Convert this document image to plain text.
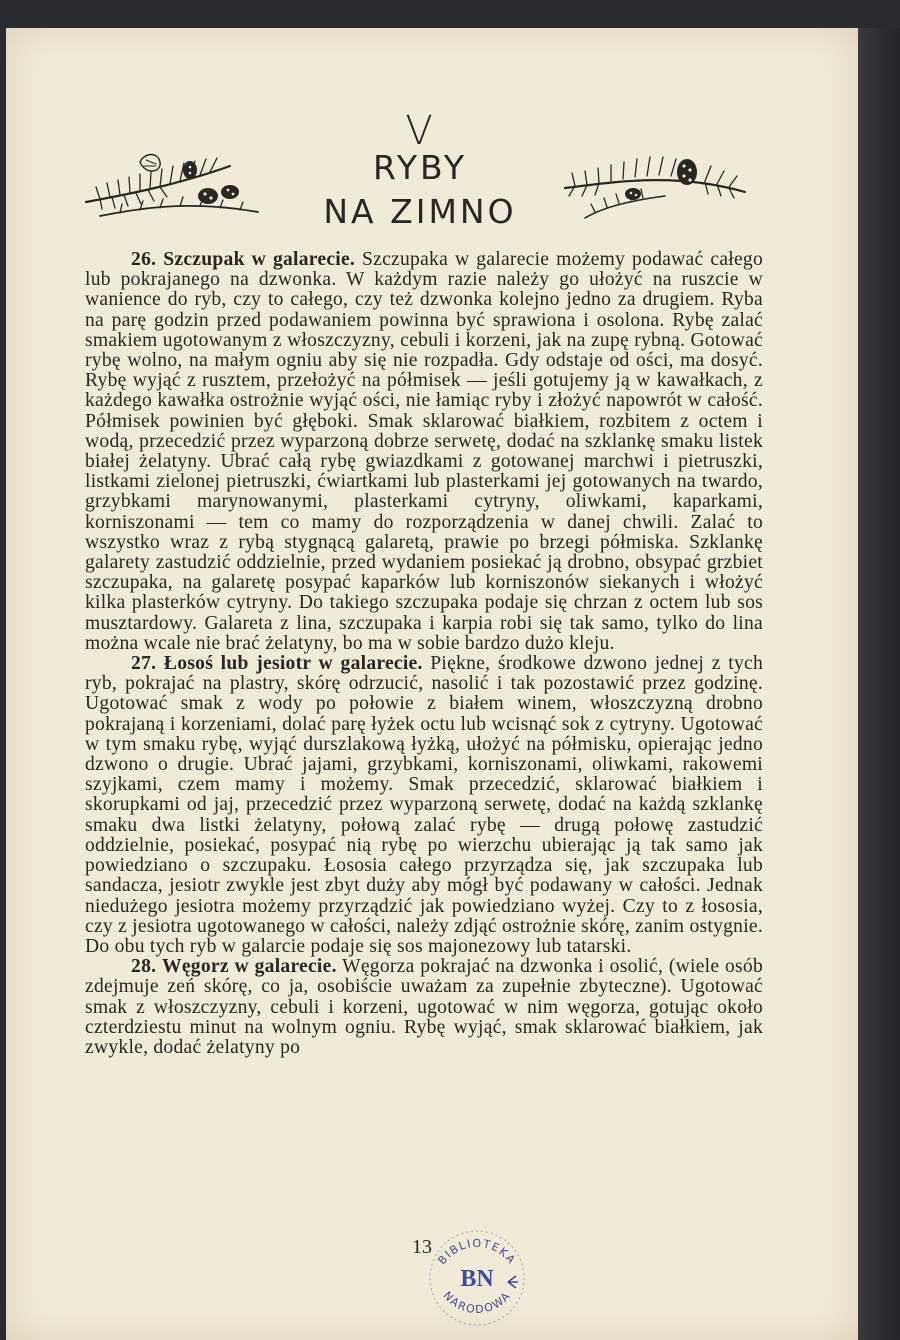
V
RYBY
NA ZIMNO

26. Szczupak w galarecie. Szczupaka w galarecie możemy podawać całego lub pokrajanego na dzwonka. W każdym razie należy go ułożyć na ruszcie w wanience do ryb, czy to całego, czy też dzwonka kolejno jedno za drugiem. Ryba na parę godzin przed podawaniem powinna być sprawiona i osolona. Rybę zalać smakiem ugotowanym z włoszczyzny, cebuli i korzeni, jak na zupę rybną. Gotować rybę wolno, na małym ogniu aby się nie rozpadła. Gdy odstaje od ości, ma dosyć. Rybę wyjąć z rusztem, przełożyć na półmisek — jeśli gotujemy ją w kawałkach, z każdego kawałka ostrożnie wyjąć ości, nie łamiąc ryby i złożyć napowrót w całość. Półmisek powinien być głęboki. Smak sklarować białkiem, rozbitem z octem i wodą, przecedzić przez wyparzoną dobrze serwetę, dodać na szklankę smaku listek białej żelatyny. Ubrać całą rybę gwiazdkami z gotowanej marchwi i pietruszki, listkami zielonej pietruszki, ćwiartkami lub plasterkami jej gotowanych na twardo, grzybkami marynowanymi, plasterkami cytryny, oliwkami, kaparkami, korniszonami — tem co mamy do rozporządzenia w danej chwili. Zalać to wszystko wraz z rybą stygnącą galaretą, prawie po brzegi półmiska. Szklankę galarety zastudzić oddzielnie, przed wydaniem posiekać ją drobno, obsypać grzbiet szczupaka, na galaretę posypać kaparków lub korniszonów siekanych i włożyć kilka plasterków cytryny. Do takiego szczupaka podaje się chrzan z octem lub sos musztardowy. Galareta z lina, szczupaka i karpia robi się tak samo, tylko do lina można wcale nie brać żelatyny, bo ma w sobie bardzo dużo kleju.

27. Łosoś lub jesiotr w galarecie. Piękne, środkowe dzwono jednej z tych ryb, pokrajać na plastry, skórę odrzucić, nasolić i tak pozostawić przez godzinę. Ugotować smak z wody po połowie z białem winem, włoszczyzną drobno pokrajaną i korzeniami, dolać parę łyżek octu lub wcisnąć sok z cytryny. Ugotować w tym smaku rybę, wyjąć durszlakową łyżką, ułożyć na półmisku, opierając jedno dzwono o drugie. Ubrać jajami, grzybkami, korniszonami, oliwkami, rakowemi szyjkami, czem mamy i możemy. Smak przecedzić, sklarować białkiem i skorupkami od jaj, przecedzić przez wyparzoną serwetę, dodać na każdą szklankę smaku dwa listki żelatyny, połową zalać rybę — drugą połowę zastudzić oddzielnie, posiekać, posypać nią rybę po wierzchu ubierając ją tak samo jak powiedziano o szczupaku. Łososia całego przyrządza się, jak szczupaka lub sandacza, jesiotr zwykle jest zbyt duży aby mógł być podawany w całości. Jednak niedużego jesiotra możemy przyrządzić jak powiedziano wyżej. Czy to z łososia, czy z jesiotra ugotowanego w całości, należy zdjąć ostrożnie skórę, zanim ostygnie. Do obu tych ryb w galarcie podaje się sos majonezowy lub tatarski.

28. Węgorz w galarecie. Węgorza pokrajać na dzwonka i osolić, (wiele osób zdejmuje zeń skórę, co ja, osobiście uważam za zupełnie zbyteczne). Ugotować smak z włoszczyzny, cebuli i korzeni, ugotować w nim węgorza, gotując około czterdziestu minut na wolnym ogniu. Rybę wyjąć, smak sklarować białkiem, jak zwykle, dodać żelatyny po

13
BIBLIOTEKA
NARODOWA
BN
